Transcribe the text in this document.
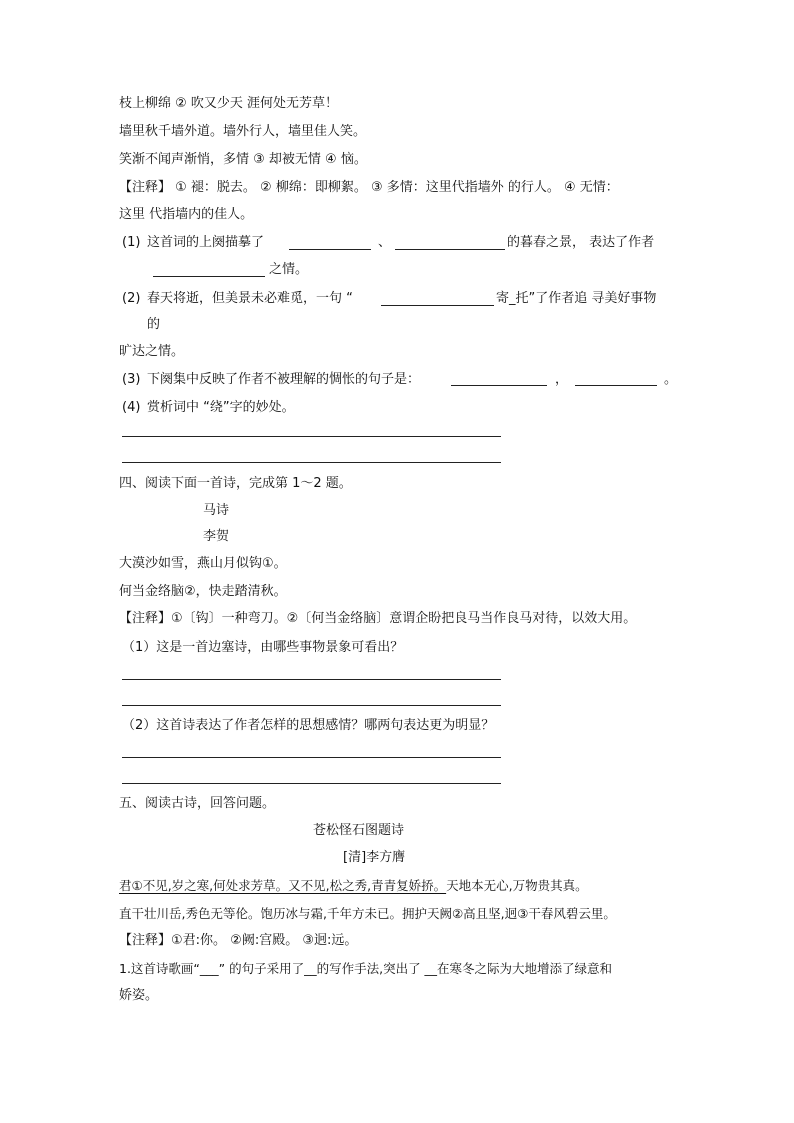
枝上柳绵 ② 吹又少天 涯何处无芳草！
墙里秋千墙外道。墙外行人，墙里佳人笑。
笑渐不闻声渐悄，多情 ③ 却被无情 ④ 恼。
【注释】 ① 褪：脱去。 ② 柳绵：即柳絮。 ③ 多情：这里代指墙外 的行人。 ④ 无情：
这里 代指墙内的佳人。
(1) 这首词的上阕描摹了	、	的暮春之景， 表达了作者
之情。
(2) 春天将逝，但美景未必难觅，一句 “	寄_托”了作者追 寻美好事物
的
旷达之情。
(3) 下阕集中反映了作者不被理解的惆怅的句子是：	，	。
(4) 赏析词中 “绕”字的妙处。
四、阅读下面一首诗，完成第 1～2 题。
马诗
李贺
大漠沙如雪，燕山月似钩①。
何当金络脑②，快走踏清秋。
【注释】①〔钩〕一种弯刀。②〔何当金络脑〕意谓企盼把良马当作良马对待，以效大用。
（1）这是一首边塞诗，由哪些事物景象可看出？
（2）这首诗表达了作者怎样的思想感情？哪两句表达更为明显？
五、阅读古诗，回答问题。
苍松怪石图题诗
[清]李方膺
君①不见,岁之寒,何处求芳草。又不见,松之秀,青青复娇挢。天地本无心,万物贵其真。
直干壮川岳,秀色无等伦。饱历冰与霜,千年方未已。拥护天阙②高且坚,迥③干春风碧云里。
【注释】①君:你。 ②阙:宫殿。 ③迥:远。
1.这首诗歌画“___” 的句子采用了__的写作手法,突出了 __在寒冬之际为大地增添了绿意和
娇姿。
